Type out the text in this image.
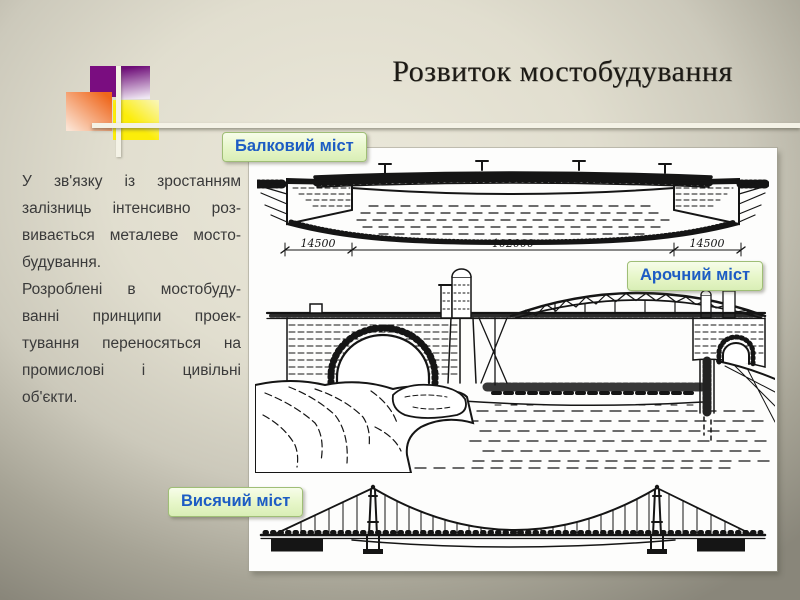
Розвиток мостобудування
У зв'язку із зростанням
залізниць інтенсивно роз-
вивається металеве мосто-
будування.
Розроблені в мостобуду-
ванні принципи проек-
тування переносяться на
промислові і цивільні
об'єкти.
14500	102000	14500
Балковий міст
Арочний міст
Висячий міст
